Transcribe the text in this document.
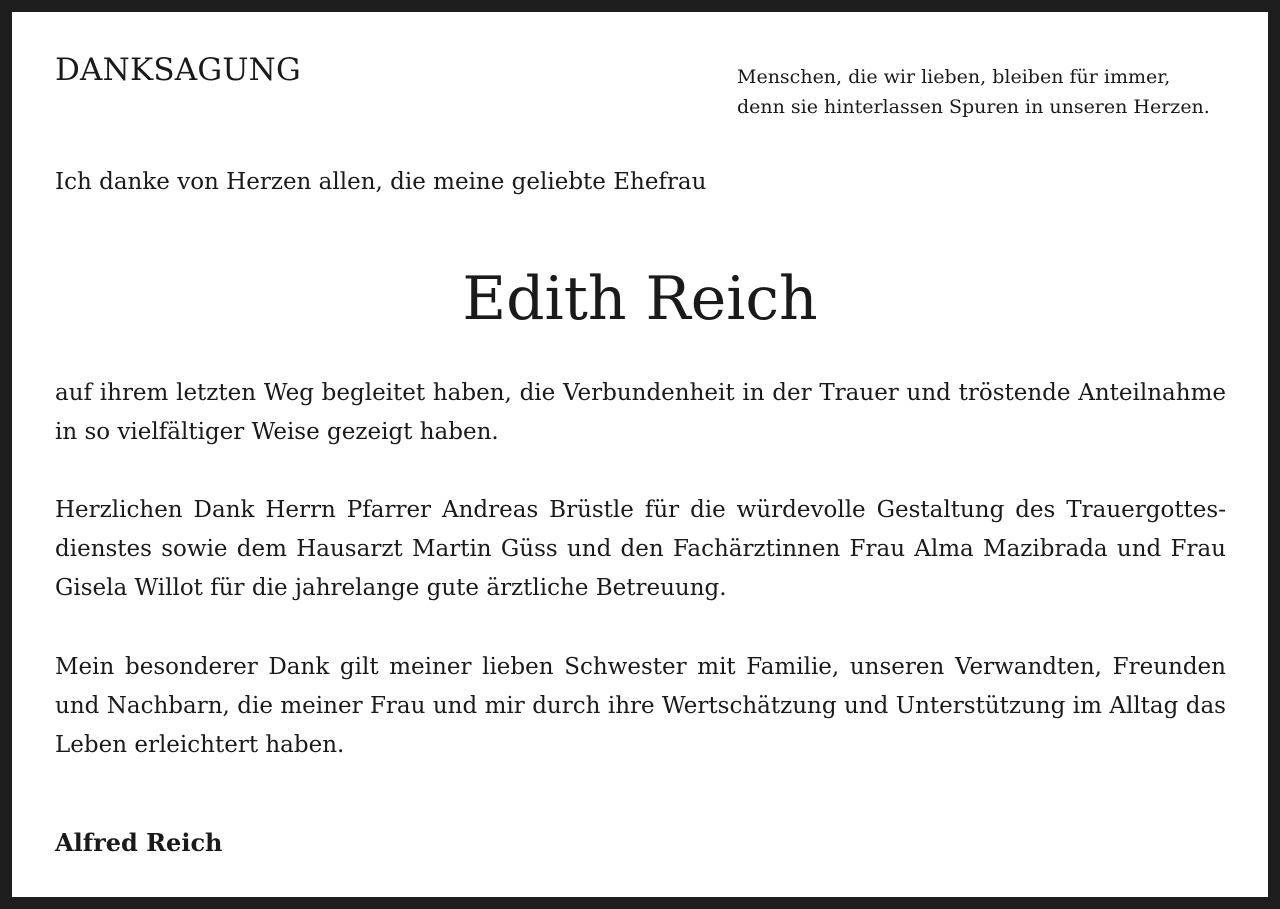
DANKSAGUNG	Menschen, die wir lieben, bleiben für immer,
denn sie hinterlassen Spuren in unseren Herzen.
Ich danke von Herzen allen, die meine geliebte Ehefrau
Edith Reich
auf ihrem letzten Weg begleitet haben, die Verbundenheit in der Trauer und tröstende Anteilnahme in so vielfältiger Weise gezeigt haben.
Herzlichen Dank Herrn Pfarrer Andreas Brüstle für die würdevolle Gestaltung des Trauergottesdienstes sowie dem Hausarzt Martin Güss und den Fachärztinnen Frau Alma Mazibrada und Frau Gisela Willot für die jahrelange gute ärztliche Betreuung.
Mein besonderer Dank gilt meiner lieben Schwester mit Familie, unseren Verwandten, Freunden und Nachbarn, die meiner Frau und mir durch ihre Wertschätzung und Unterstützung im Alltag das Leben erleichtert haben.
Alfred Reich
